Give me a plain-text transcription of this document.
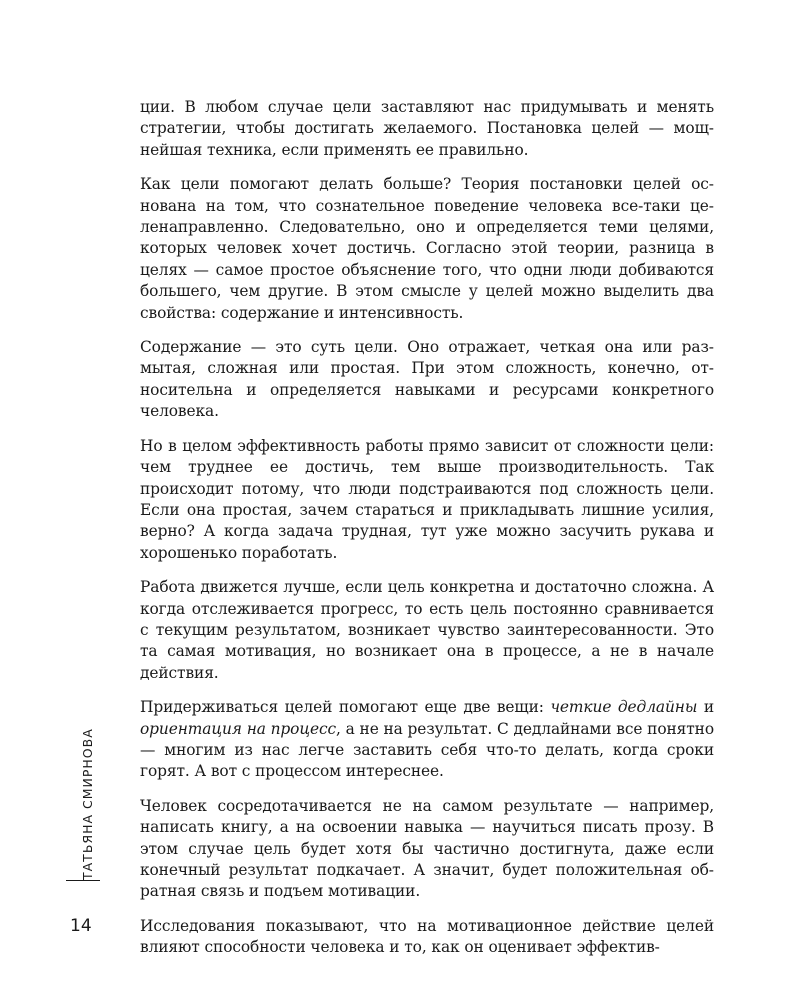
ции. В любом случае цели заставляют нас придумывать и менять стратегии, чтобы достигать желаемого. Постановка целей — мощнейшая техника, если применять ее правильно.

Как цели помогают делать больше? Теория постановки целей основана на том, что сознательное поведение человека все-таки целенаправленно. Следовательно, оно и определяется теми целями, которых человек хочет достичь. Согласно этой теории, разница в целях — самое простое объяснение того, что одни люди добиваются большего, чем другие. В этом смысле у целей можно выделить два свойства: содержание и интенсивность.

Содержание — это суть цели. Оно отражает, четкая она или размытая, сложная или простая. При этом сложность, конечно, относительна и определяется навыками и ресурсами конкретного человека.

Но в целом эффективность работы прямо зависит от сложности цели: чем труднее ее достичь, тем выше производительность. Так происходит потому, что люди подстраиваются под сложность цели. Если она простая, зачем стараться и прикладывать лишние усилия, верно? А когда задача трудная, тут уже можно засучить рукава и хорошенько поработать.

Работа движется лучше, если цель конкретна и достаточно сложна. А когда отслеживается прогресс, то есть цель постоянно сравнивается с текущим результатом, возникает чувство заинтересованности. Это та самая мотивация, но возникает она в процессе, а не в начале действия.

Придерживаться целей помогают еще две вещи: четкие дедлайны и ориентация на процесс, а не на результат. С дедлайнами все понятно — многим из нас легче заставить себя что-то делать, когда сроки горят. А вот с процессом интереснее.

Человек сосредотачивается не на самом результате — например, написать книгу, а на освоении навыка — научиться писать прозу. В этом случае цель будет хотя бы частично достигнута, даже если конечный результат подкачает. А значит, будет положительная обратная связь и подъем мотивации.

Исследования показывают, что на мотивационное действие целей влияют способности человека и то, как он оценивает эффектив-

ТАТЬЯНА СМИРНОВА
14
